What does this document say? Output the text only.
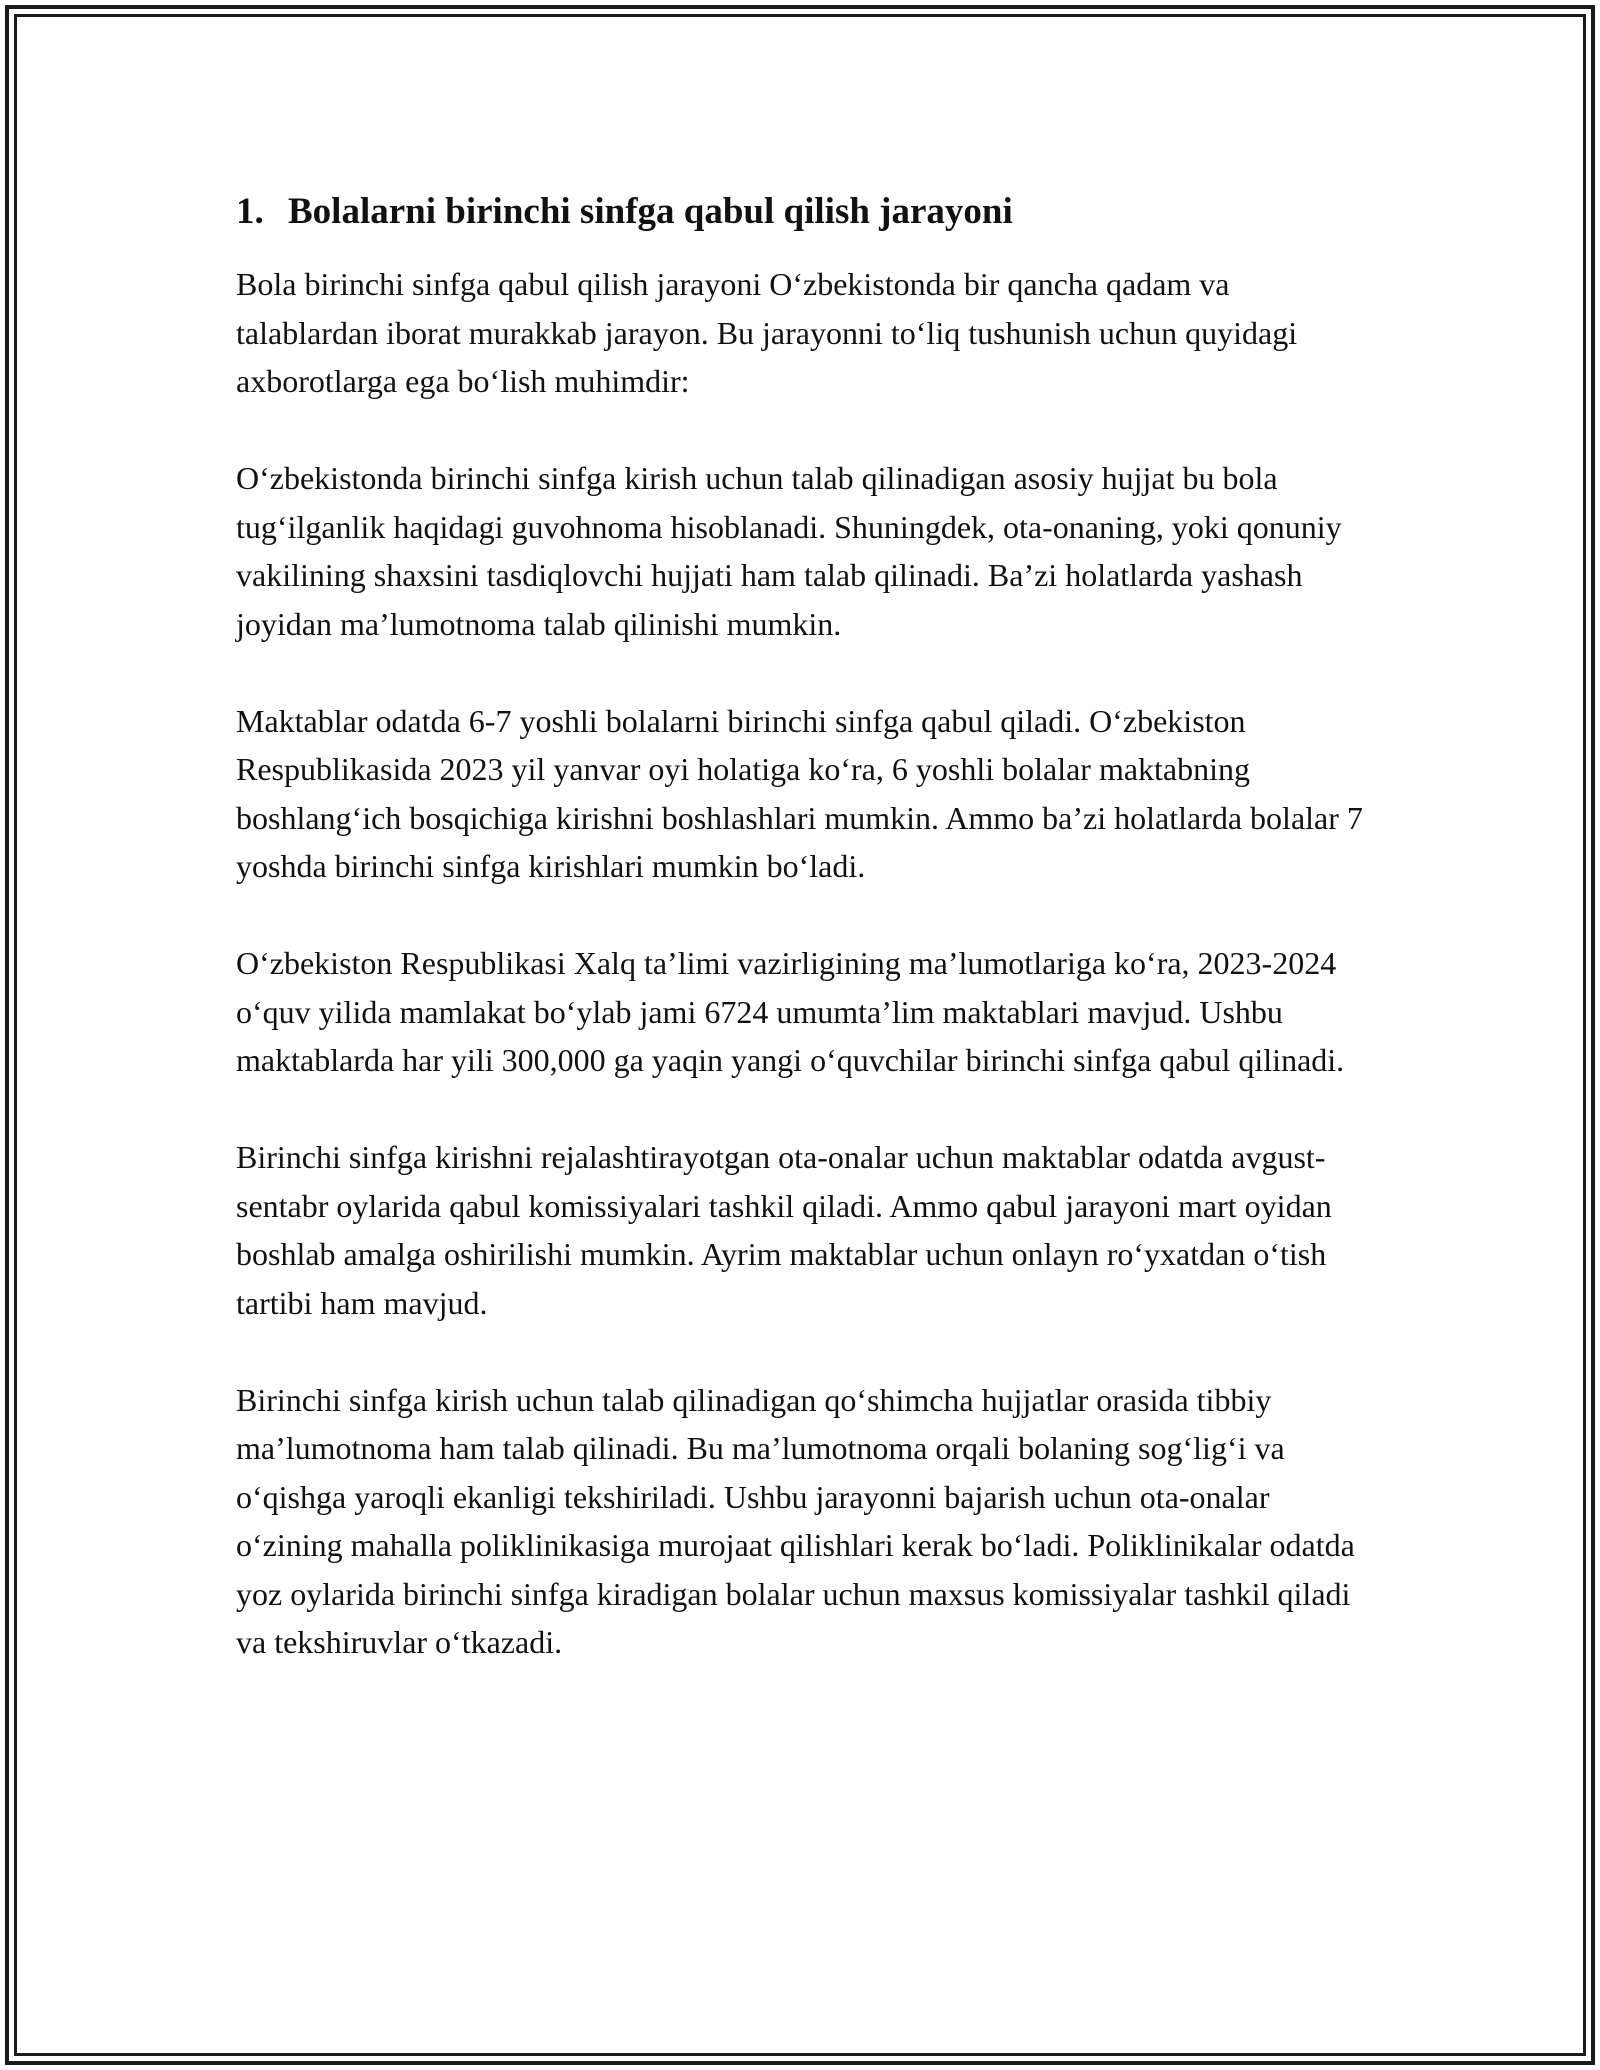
1. Bolalarni birinchi sinfga qabul qilish jarayoni

Bola birinchi sinfga qabul qilish jarayoni O‘zbekistonda bir qancha qadam va talablardan iborat murakkab jarayon. Bu jarayonni to‘liq tushunish uchun quyidagi axborotlarga ega bo‘lish muhimdir:

O‘zbekistonda birinchi sinfga kirish uchun talab qilinadigan asosiy hujjat bu bola tug‘ilganlik haqidagi guvohnoma hisoblanadi. Shuningdek, ota-onaning, yoki qonuniy vakilining shaxsini tasdiqlovchi hujjati ham talab qilinadi. Ba’zi holatlarda yashash joyidan ma’lumotnoma talab qilinishi mumkin.

Maktablar odatda 6-7 yoshli bolalarni birinchi sinfga qabul qiladi. O‘zbekiston Respublikasida 2023 yil yanvar oyi holatiga ko‘ra, 6 yoshli bolalar maktabning boshlang‘ich bosqichiga kirishni boshlashlari mumkin. Ammo ba’zi holatlarda bolalar 7 yoshda birinchi sinfga kirishlari mumkin bo‘ladi.

O‘zbekiston Respublikasi Xalq ta’limi vazirligining ma’lumotlariga ko‘ra, 2023-2024 o‘quv yilida mamlakat bo‘ylab jami 6724 umumta’lim maktablari mavjud. Ushbu maktablarda har yili 300,000 ga yaqin yangi o‘quvchilar birinchi sinfga qabul qilinadi.

Birinchi sinfga kirishni rejalashtirayotgan ota-onalar uchun maktablar odatda avgust-sentabr oylarida qabul komissiyalari tashkil qiladi. Ammo qabul jarayoni mart oyidan boshlab amalga oshirilishi mumkin. Ayrim maktablar uchun onlayn ro‘yxatdan o‘tish tartibi ham mavjud.

Birinchi sinfga kirish uchun talab qilinadigan qo‘shimcha hujjatlar orasida tibbiy ma’lumotnoma ham talab qilinadi. Bu ma’lumotnoma orqali bolaning sog‘lig‘i va o‘qishga yaroqli ekanligi tekshiriladi. Ushbu jarayonni bajarish uchun ota-onalar o‘zining mahalla poliklinikasiga murojaat qilishlari kerak bo‘ladi. Poliklinikalar odatda yoz oylarida birinchi sinfga kiradigan bolalar uchun maxsus komissiyalar tashkil qiladi va tekshiruvlar o‘tkazadi.
